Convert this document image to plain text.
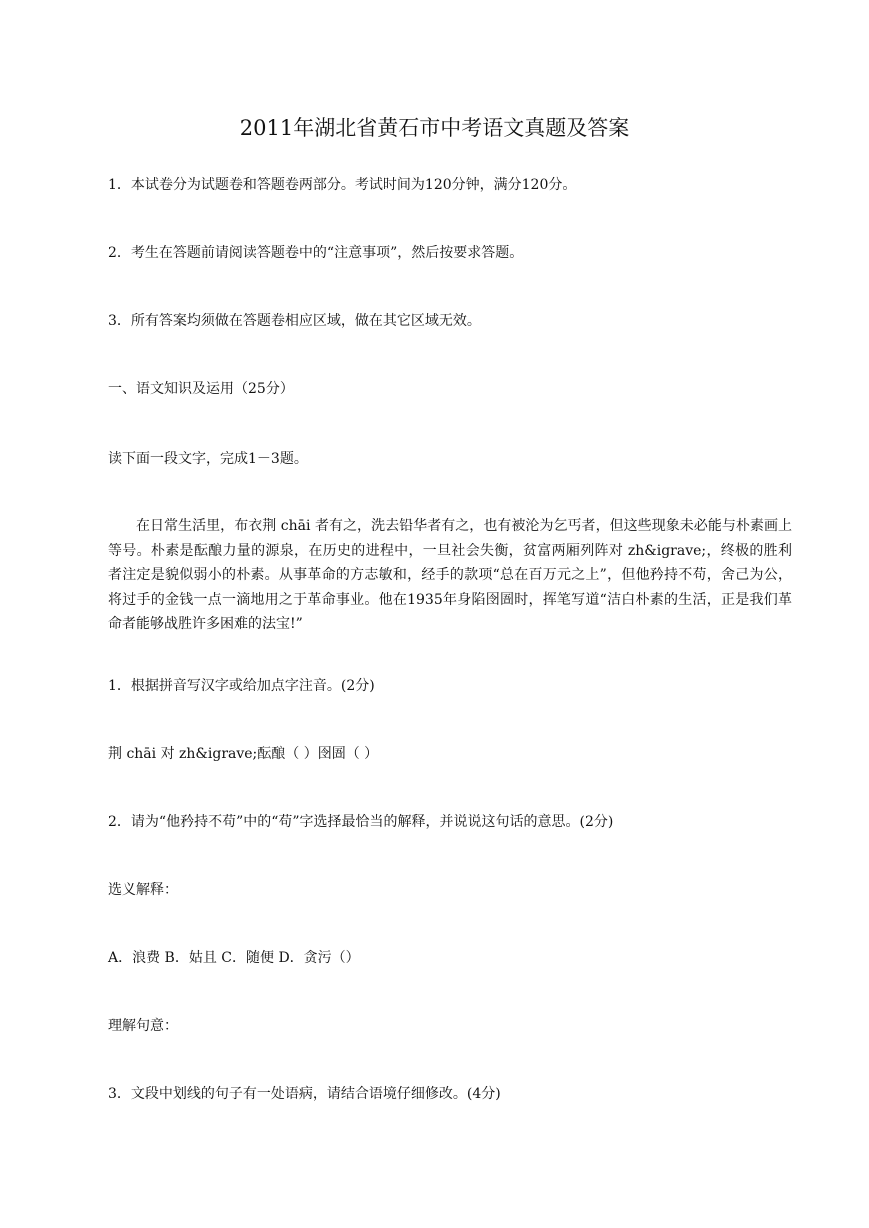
2011年湖北省黄石市中考语文真题及答案
1．本试卷分为试题卷和答题卷两部分。考试时间为120分钟，满分120分。
2．考生在答题前请阅读答题卷中的“注意事项”，然后按要求答题。
3．所有答案均须做在答题卷相应区域，做在其它区域无效。
一、语文知识及运用（25分）
读下面一段文字，完成1－3题。
在日常生活里，布衣荆 chāi 者有之，洗去铅华者有之，也有被沦为乞丐者，但这些现象未必能与朴素画上等号。朴素是酝酿力量的源泉，在历史的进程中，一旦社会失衡，贫富两厢列阵对 zh&igrave;，终极的胜利者注定是貌似弱小的朴素。从事革命的方志敏和，经手的款项“总在百万元之上”，但他矜持不苟，舍己为公，将过手的金钱一点一滴地用之于革命事业。他在1935年身陷囹圄时，挥笔写道“洁白朴素的生活，正是我们革命者能够战胜许多困难的法宝!”
1．根据拼音写汉字或给加点字注音。(2分)
荆 chāi 对 zh&igrave;酝酿（ ）囹圄（ ）
2．请为“他矜持不苟”中的“苟”字选择最恰当的解释，并说说这句话的意思。(2分)
选义解释：
A．浪费 B．姑且 C．随便 D．贪污（）
理解句意：
3．文段中划线的句子有一处语病，请结合语境仔细修改。(4分)
